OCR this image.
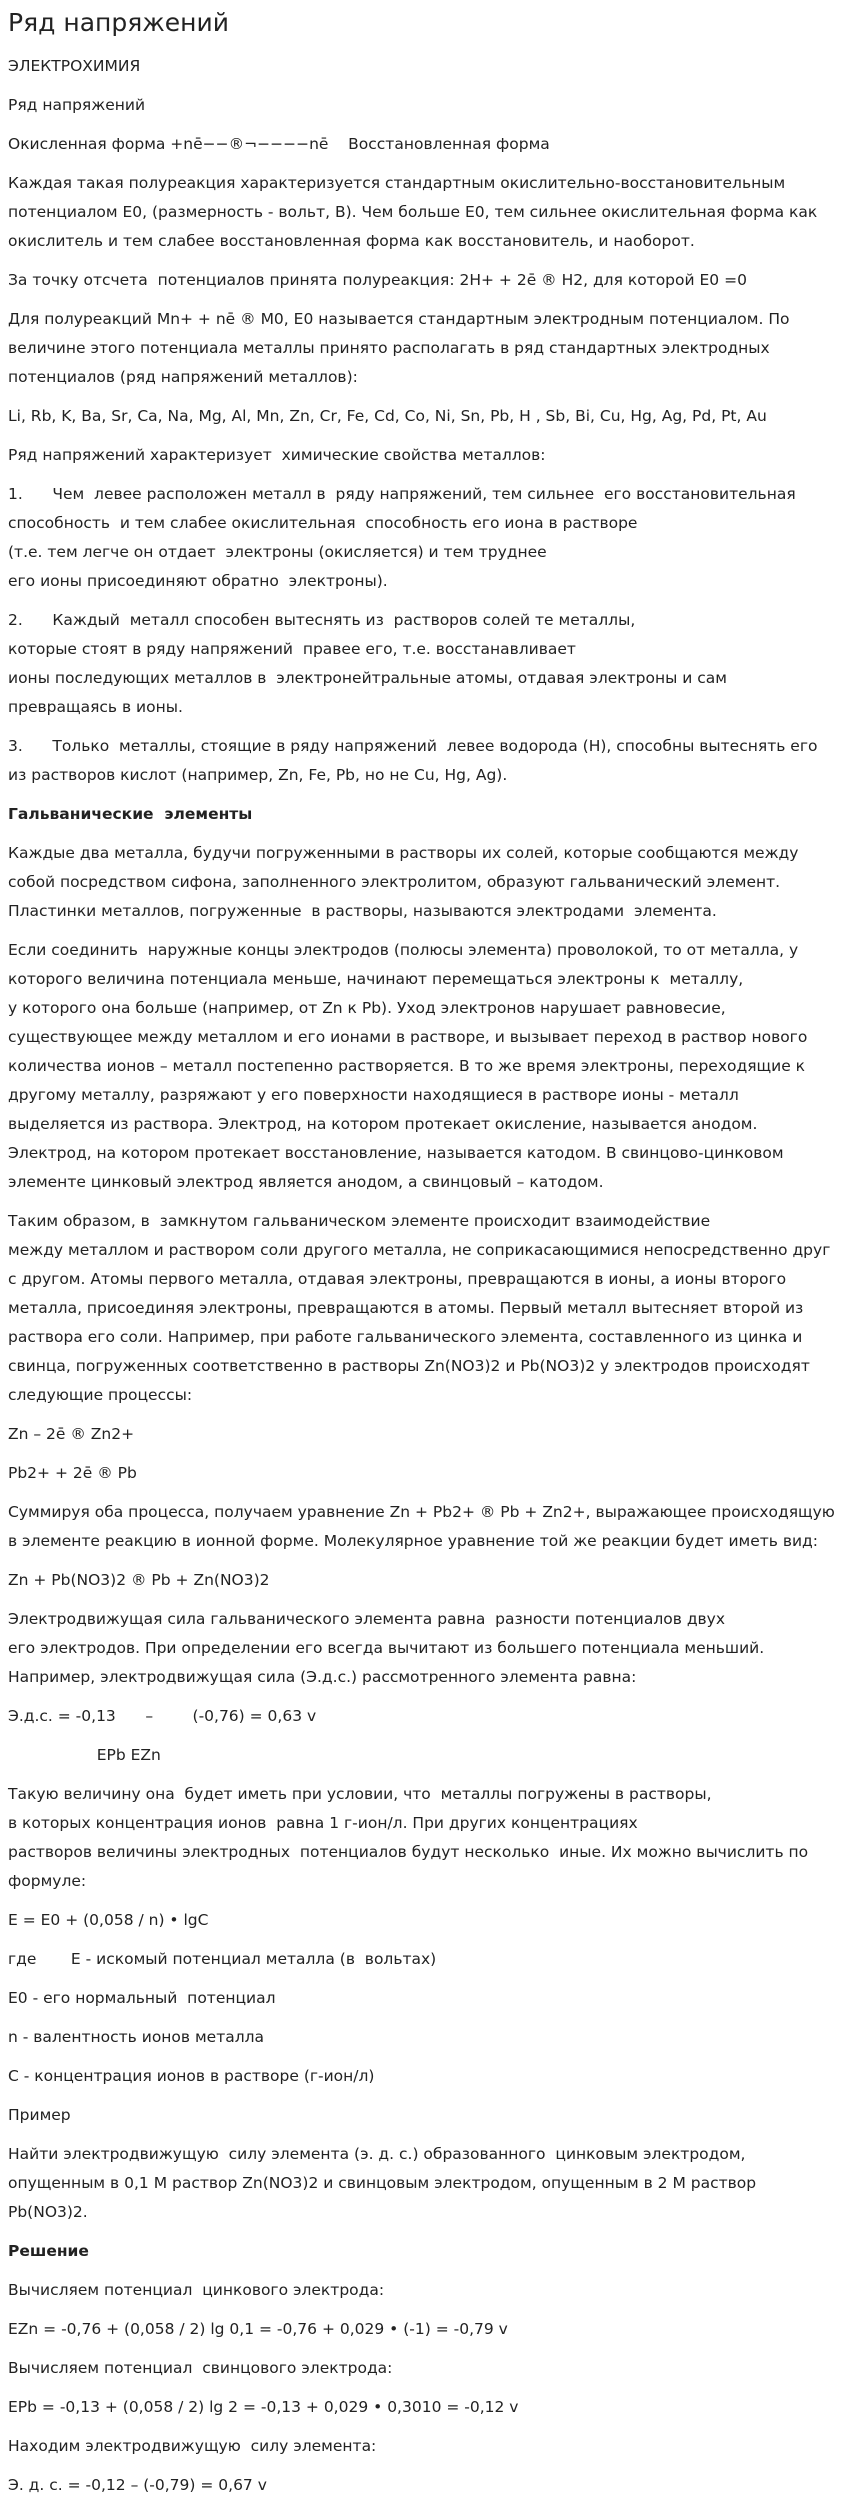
Ряд напряжений

ЭЛЕКТРОХИМИЯ

Ряд напряжений

Окисленная форма +nē−−®¬−−−−nē    Восстановленная форма

Каждая такая полуреакция характеризуется стандартным окислительно-восстановительным потенциалом E0, (размерность - вольт, В). Чем больше E0, тем сильнее окислительная форма как окислитель и тем слабее восстановленная форма как восстановитель, и наоборот.

За точку отсчета  потенциалов принята полуреакция: 2H+ + 2ē ® H2, для которой E0 =0

Для полуреакций Mn+ + nē ® M0, E0 называется стандартным электродным потенциалом. По величине этого потенциала металлы принято располагать в ряд стандартных электродных потенциалов (ряд напряжений металлов):

Li, Rb, K, Ba, Sr, Ca, Na, Mg, Al, Mn, Zn, Cr, Fe, Cd, Co, Ni, Sn, Pb, H , Sb, Bi, Cu, Hg, Ag, Pd, Pt, Au

Ряд напряжений характеризует  химические свойства металлов:

1.      Чем  левее расположен металл в  ряду напряжений, тем сильнее  его восстановительная способность  и тем слабее окислительная  способность его иона в растворе
(т.е. тем легче он отдает  электроны (окисляется) и тем труднее
его ионы присоединяют обратно  электроны).

2.      Каждый  металл способен вытеснять из  растворов солей те металлы,
которые стоят в ряду напряжений  правее его, т.е. восстанавливает
ионы последующих металлов в  электронейтральные атомы, отдавая электроны и сам превращаясь в ионы.

3.      Только  металлы, стоящие в ряду напряжений  левее водорода (H), способны вытеснять его из растворов кислот (например, Zn, Fe, Pb, но не Cu, Hg, Ag).

Гальванические  элементы

Каждые два металла, будучи погруженными в растворы их солей, которые сообщаются между собой посредством сифона, заполненного электролитом, образуют гальванический элемент. Пластинки металлов, погруженные  в растворы, называются электродами  элемента.

Если соединить  наружные концы электродов (полюсы элемента) проволокой, то от металла, у которого величина потенциала меньше, начинают перемещаться электроны к  металлу,
у которого она больше (например, от Zn к Pb). Уход электронов нарушает равновесие, существующее между металлом и его ионами в растворе, и вызывает переход в раствор нового количества ионов – металл постепенно растворяется. В то же время электроны, переходящие к другому металлу, разряжают у его поверхности находящиеся в растворе ионы - металл выделяется из раствора. Электрод, на котором протекает окисление, называется анодом. Электрод, на котором протекает восстановление, называется катодом. В свинцово-цинковом элементе цинковый электрод является анодом, а свинцовый – катодом.

Таким образом, в  замкнутом гальваническом элементе происходит взаимодействие
между металлом и раствором соли другого металла, не соприкасающимися непосредственно друг с другом. Атомы первого металла, отдавая электроны, превращаются в ионы, а ионы второго металла, присоединяя электроны, превращаются в атомы. Первый металл вытесняет второй из раствора его соли. Например, при работе гальванического элемента, составленного из цинка и свинца, погруженных соответственно в растворы Zn(NO3)2 и Pb(NO3)2 у электродов происходят следующие процессы:

Zn – 2ē ® Zn2+

Pb2+ + 2ē ® Pb

Суммируя оба процесса, получаем уравнение Zn + Pb2+ ® Pb + Zn2+, выражающее происходящую в элементе реакцию в ионной форме. Молекулярное уравнение той же реакции будет иметь вид:

Zn + Pb(NO3)2 ® Pb + Zn(NO3)2

Электродвижущая сила гальванического элемента равна  разности потенциалов двух
его электродов. При определении его всегда вычитают из большего потенциала меньший. Например, электродвижущая сила (Э.д.с.) рассмотренного элемента равна:

Э.д.с. = -0,13      –        (-0,76) = 0,63 v

EPb EZn

Такую величину она  будет иметь при условии, что  металлы погружены в растворы,
в которых концентрация ионов  равна 1 г-ион/л. При других концентрациях
растворов величины электродных  потенциалов будут несколько  иные. Их можно вычислить по формуле:

E = E0 + (0,058 / n) • lgC

где       E - искомый потенциал металла (в  вольтах)

E0 - его нормальный  потенциал

n - валентность ионов металла

С - концентрация ионов в растворе (г-ион/л)

Пример

Найти электродвижущую  силу элемента (э. д. с.) образованного  цинковым электродом, опущенным в 0,1 М раствор Zn(NO3)2 и свинцовым электродом, опущенным в 2 М раствор Pb(NO3)2.

Решение

Вычисляем потенциал  цинкового электрода:

EZn = -0,76 + (0,058 / 2) lg 0,1 = -0,76 + 0,029 • (-1) = -0,79 v

Вычисляем потенциал  свинцового электрода:

EPb = -0,13 + (0,058 / 2) lg 2 = -0,13 + 0,029 • 0,3010 = -0,12 v

Находим электродвижущую  силу элемента:

Э. д. с. = -0,12 – (-0,79) = 0,67 v
